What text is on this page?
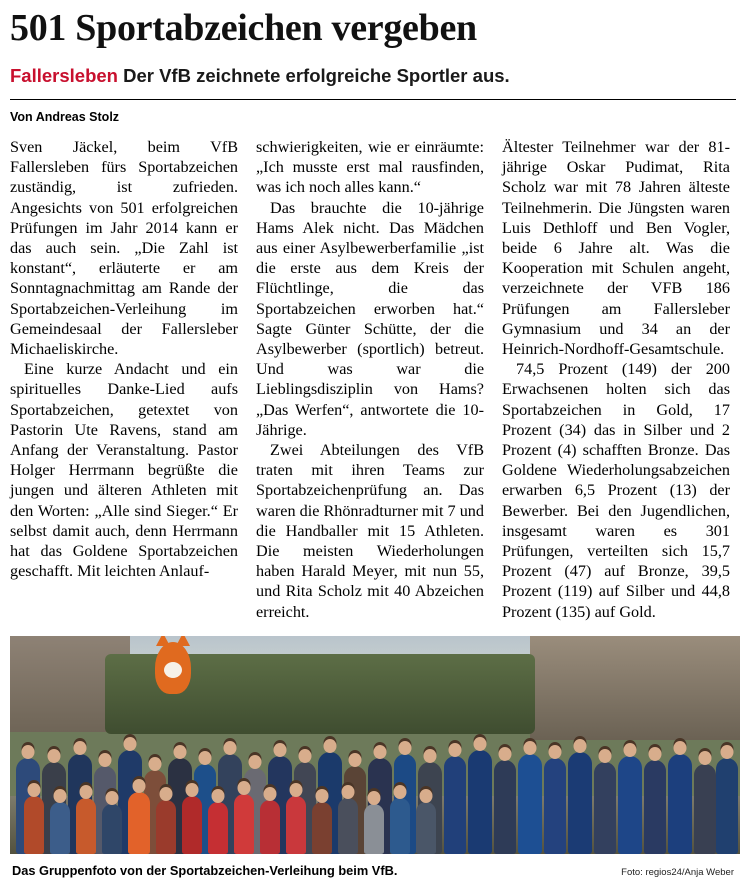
501 Sportabzeichen vergeben
Fallersleben Der VfB zeichnete erfolgreiche Sportler aus.
Von Andreas Stolz

Sven Jäckel, beim VfB Fallersleben fürs Sportabzeichen zuständig, ist zufrieden. Angesichts von 501 erfolgreichen Prüfungen im Jahr 2014 kann er das auch sein. „Die Zahl ist konstant“, erläuterte er am Sonntagnachmittag am Rande der Sportabzeichen-Verleihung im Gemeindesaal der Fallersleber Michaeliskirche.

Eine kurze Andacht und ein spirituelles Danke-Lied aufs Sportabzeichen, getextet von Pastorin Ute Ravens, stand am Anfang der Veranstaltung. Pastor Holger Herrmann begrüßte die jungen und älteren Athleten mit den Worten: „Alle sind Sieger.“ Er selbst damit auch, denn Herrmann hat das Goldene Sportabzeichen geschafft. Mit leichten Anlauf-

schwierigkeiten, wie er einräumte: „Ich musste erst mal rausfinden, was ich noch alles kann.“

Das brauchte die 10-jährige Hams Alek nicht. Das Mädchen aus einer Asylbewerberfamilie „ist die erste aus dem Kreis der Flüchtlinge, die das Sportabzeichen erworben hat.“ Sagte Günter Schütte, der die Asylbewerber (sportlich) betreut. Und was war die Lieblingsdisziplin von Hams? „Das Werfen“, antwortete die 10-Jährige.

Zwei Abteilungen des VfB traten mit ihren Teams zur Sportabzeichenprüfung an. Das waren die Rhönradturner mit 7 und die Handballer mit 15 Athleten. Die meisten Wiederholungen haben Harald Meyer, mit nun 55, und Rita Scholz mit 40 Abzeichen erreicht.

Ältester Teilnehmer war der 81-jährige Oskar Pudimat, Rita Scholz war mit 78 Jahren älteste Teilnehmerin. Die Jüngsten waren Luis Dethloff und Ben Vogler, beide 6 Jahre alt. Was die Kooperation mit Schulen angeht, verzeichnete der VFB 186 Prüfungen am Fallersleber Gymnasium und 34 an der Heinrich-Nordhoff-Gesamtschule.

74,5 Prozent (149) der 200 Erwachsenen holten sich das Sportabzeichen in Gold, 17 Prozent (34) das in Silber und 2 Prozent (4) schafften Bronze. Das Goldene Wiederholungsabzeichen erwarben 6,5 Prozent (13) der Bewerber. Bei den Jugendlichen, insgesamt waren es 301 Prüfungen, verteilten sich 15,7 Prozent (47) auf Bronze, 39,5 Prozent (119) auf Silber und 44,8 Prozent (135) auf Gold.

Das Gruppenfoto von der Sportabzeichen-Verleihung beim VfB.	Foto: regios24/Anja Weber
